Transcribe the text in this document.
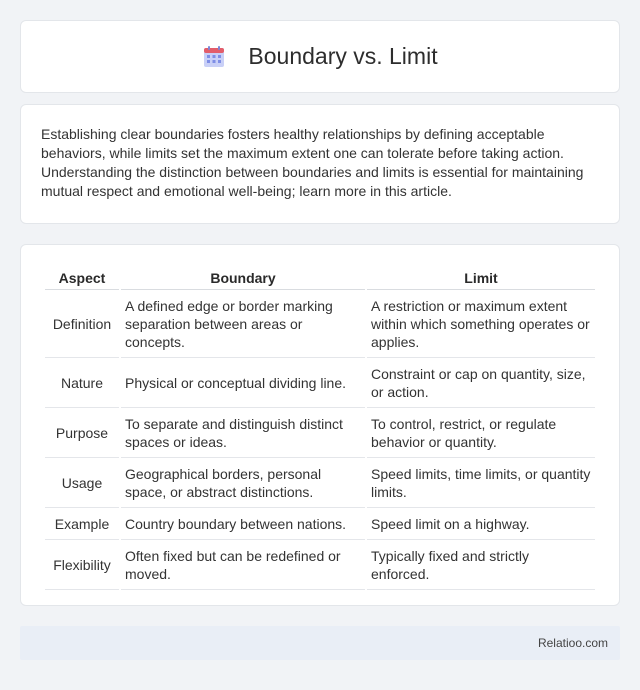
Boundary vs. Limit

Establishing clear boundaries fosters healthy relationships by defining acceptable behaviors, while limits set the maximum extent one can tolerate before taking action. Understanding the distinction between boundaries and limits is essential for maintaining mutual respect and emotional well-being; learn more in this article.

Aspect	Boundary	Limit
Definition	A defined edge or border marking separation between areas or concepts.	A restriction or maximum extent within which something operates or applies.
Nature	Physical or conceptual dividing line.	Constraint or cap on quantity, size, or action.
Purpose	To separate and distinguish distinct spaces or ideas.	To control, restrict, or regulate behavior or quantity.
Usage	Geographical borders, personal space, or abstract distinctions.	Speed limits, time limits, or quantity limits.
Example	Country boundary between nations.	Speed limit on a highway.
Flexibility	Often fixed but can be redefined or moved.	Typically fixed and strictly enforced.
Relatioo.com
